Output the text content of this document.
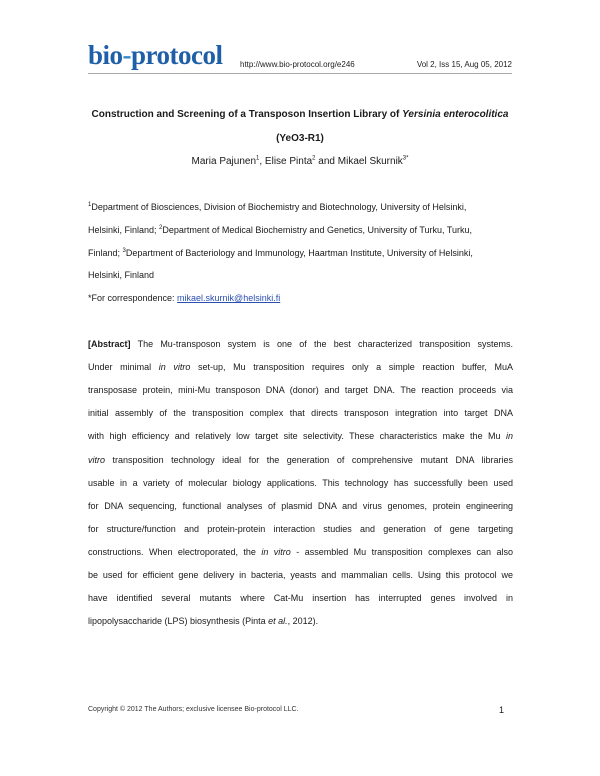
bio-protocol http://www.bio-protocol.org/e246	Vol 2, Iss 15, Aug 05, 2012
Construction and Screening of a Transposon Insertion Library of Yersinia enterocolitica
(YeO3-R1)
Maria Pajunen$^1$, Elise Pinta$^2$ and Mikael Skurnik$^{3*}$
$^1$Department of Biosciences, Division of Biochemistry and Biotechnology, University of Helsinki,
Helsinki, Finland; $^2$Department of Medical Biochemistry and Genetics, University of Turku, Turku,
Finland; $^3$Department of Bacteriology and Immunology, Haartman Institute, University of Helsinki,
Helsinki, Finland
*For correspondence: mikael.skurnik@helsinki.fi
[Abstract] The Mu-transposon system is one of the best characterized transposition systems.
Under minimal in vitro set-up, Mu transposition requires only a simple reaction buffer, MuA
transposase protein, mini-Mu transposon DNA (donor) and target DNA. The reaction proceeds via
initial assembly of the transposition complex that directs transposon integration into target DNA
with high efficiency and relatively low target site selectivity. These characteristics make the Mu in
vitro transposition technology ideal for the generation of comprehensive mutant DNA libraries
usable in a variety of molecular biology applications. This technology has successfully been used
for DNA sequencing, functional analyses of plasmid DNA and virus genomes, protein engineering
for structure/function and protein-protein interaction studies and generation of gene targeting
constructions. When electroporated, the in vitro - assembled Mu transposition complexes can also
be used for efficient gene delivery in bacteria, yeasts and mammalian cells. Using this protocol we
have identified several mutants where Cat-Mu insertion has interrupted genes involved in
lipopolysaccharide (LPS) biosynthesis (Pinta et al., 2012).
Copyright © 2012 The Authors; exclusive licensee Bio-protocol LLC.	1
